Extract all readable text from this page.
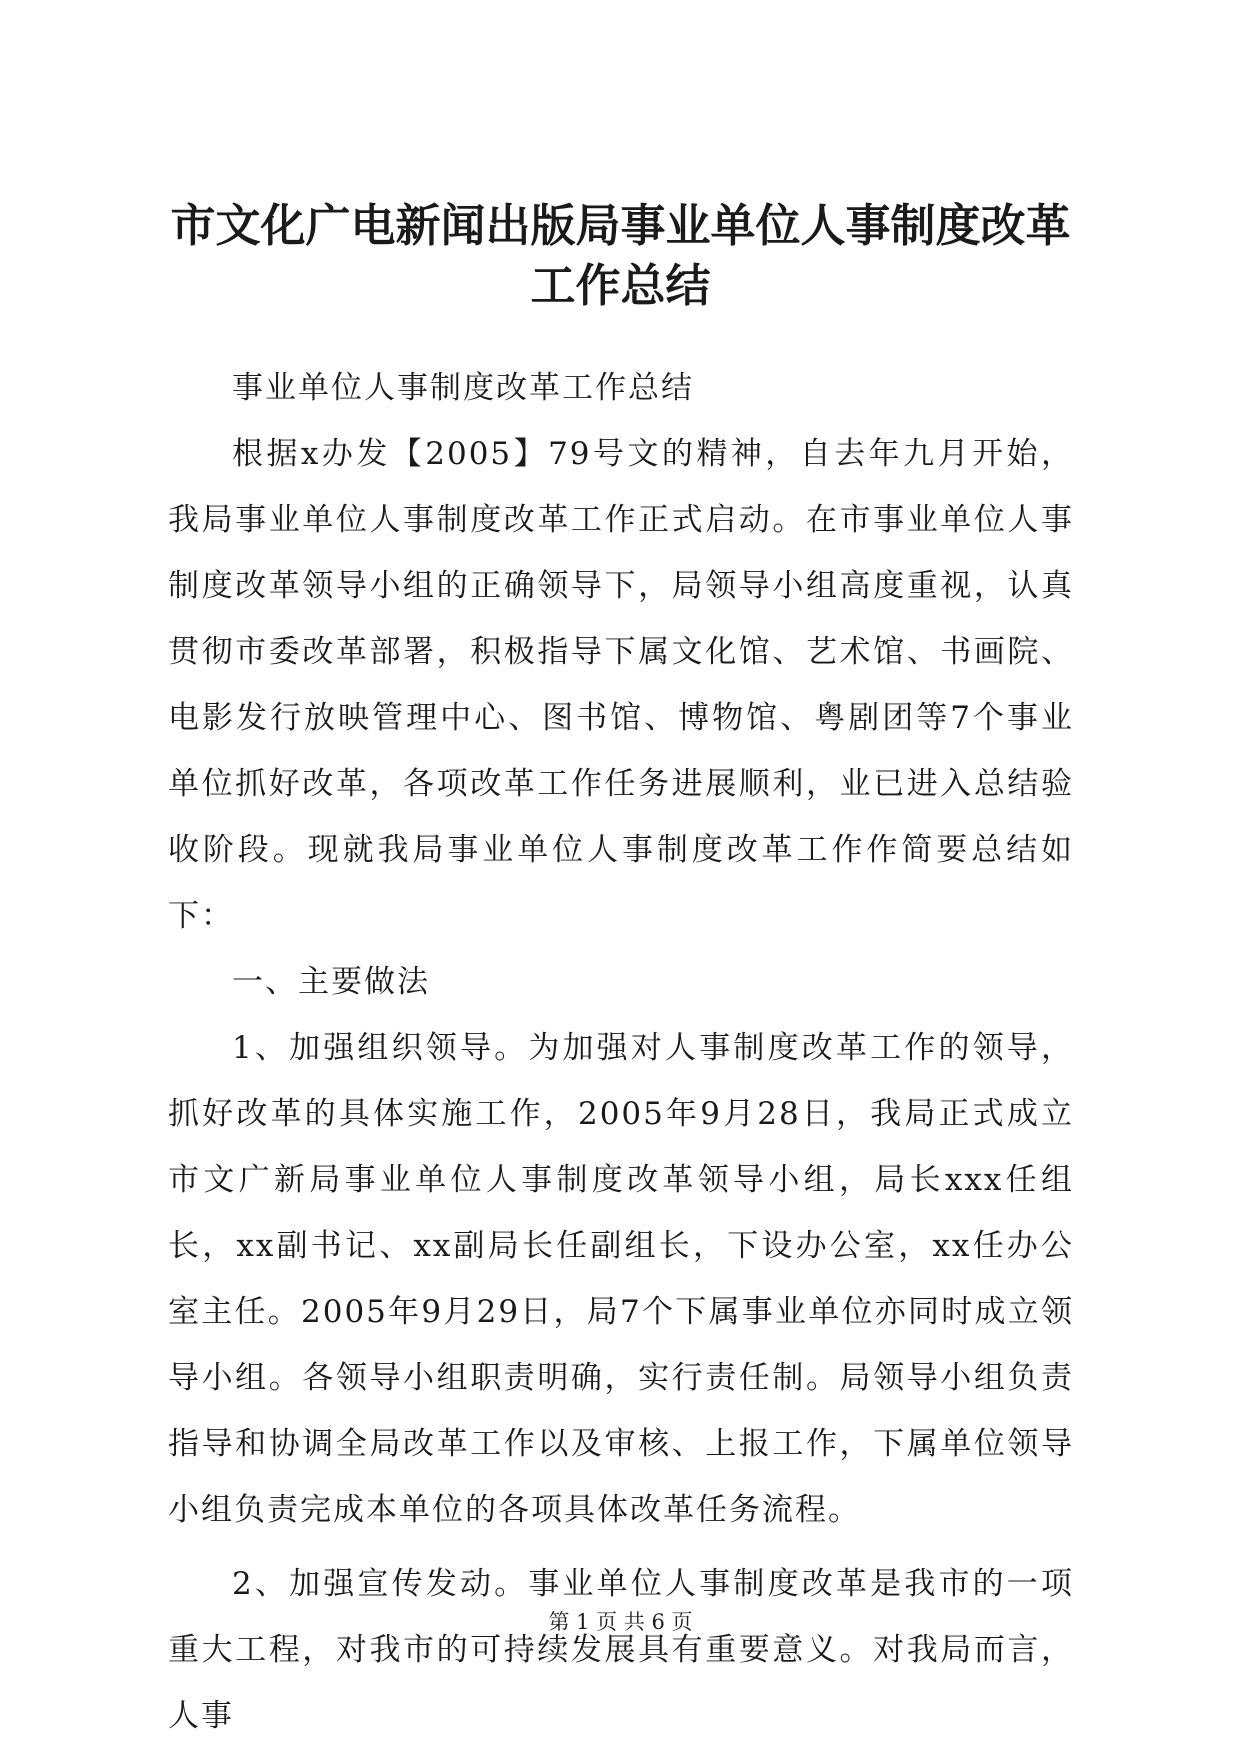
市文化广电新闻出版局事业单位人事制度改革
工作总结

事业单位人事制度改革工作总结

根据x办发【2005】79号文的精神，自去年九月开始，我局事业单位人事制度改革工作正式启动。在市事业单位人事制度改革领导小组的正确领导下，局领导小组高度重视，认真贯彻市委改革部署，积极指导下属文化馆、艺术馆、书画院、电影发行放映管理中心、图书馆、博物馆、粤剧团等7个事业单位抓好改革，各项改革工作任务进展顺利，业已进入总结验收阶段。现就我局事业单位人事制度改革工作作简要总结如下：

一、主要做法

1、加强组织领导。为加强对人事制度改革工作的领导，抓好改革的具体实施工作，2005年9月28日，我局正式成立市文广新局事业单位人事制度改革领导小组，局长xxx任组长，xx副书记、xx副局长任副组长，下设办公室，xx任办公室主任。2005年9月29日，局7个下属事业单位亦同时成立领导小组。各领导小组职责明确，实行责任制。局领导小组负责指导和协调全局改革工作以及审核、上报工作，下属单位领导小组负责完成本单位的各项具体改革任务流程。

2、加强宣传发动。事业单位人事制度改革是我市的一项重大工程，对我市的可持续发展具有重要意义。对我局而言，人事

第 1 页 共 6 页
